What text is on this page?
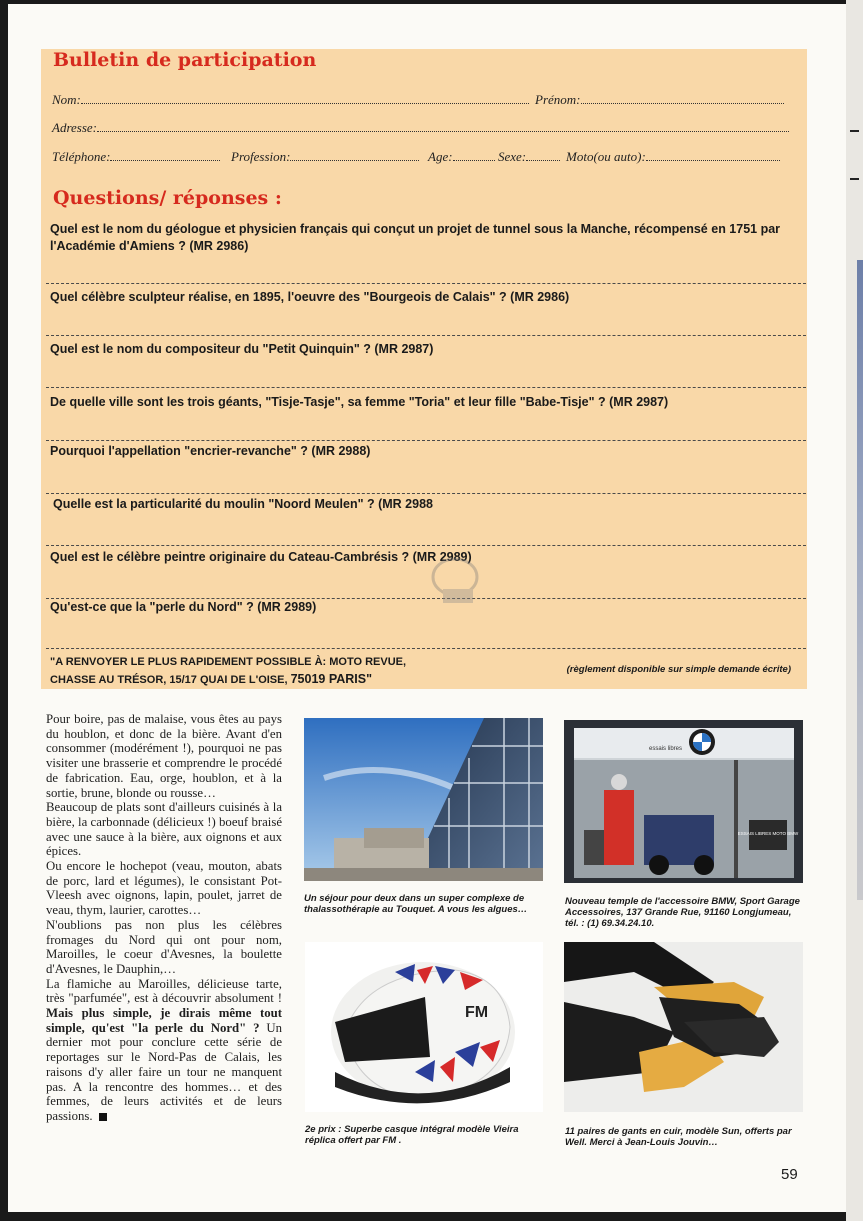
Bulletin de participation
Nom:	Prénom:
Adresse:
Téléphone:	Profession:	Age:	Sexe:	Moto(ou auto):
Questions/ réponses :
Quel est le nom du géologue et physicien français qui conçut un projet de tunnel sous la Manche, récompensé en 1751 par l'Académie d'Amiens ? (MR 2986)
Quel célèbre sculpteur réalise, en 1895, l'oeuvre des "Bourgeois de Calais" ? (MR 2986)
Quel est le nom du compositeur du "Petit Quinquin" ? (MR 2987)
De quelle ville sont les trois géants, "Tisje-Tasje", sa femme "Toria" et leur fille "Babe-Tisje" ? (MR 2987)
Pourquoi l'appellation "encrier-revanche" ? (MR 2988)
Quelle est la particularité du moulin "Noord Meulen" ? (MR 2988
Quel est le célèbre peintre originaire du Cateau-Cambrésis ? (MR 2989)
Qu'est-ce que la "perle du Nord" ? (MR 2989)
"A RENVOYER LE PLUS RAPIDEMENT POSSIBLE À: MOTO REVUE,
CHASSE AU TRÉSOR, 15/17 QUAI DE L'OISE, 75019 PARIS"
(règlement disponible sur simple demande écrite)

Pour boire, pas de malaise, vous êtes au pays du houblon, et donc de la bière. Avant d'en consommer (modérément !), pourquoi ne pas visiter une brasserie et comprendre le procédé de fabrication. Eau, orge, houblon, et à la sortie, brune, blonde ou rousse…

Beaucoup de plats sont d'ailleurs cuisinés à la bière, la carbonnade (délicieux !) boeuf braisé avec une sauce à la bière, aux oignons et aux épices.

Ou encore le hochepot (veau, mouton, abats de porc, lard et légumes), le consistant Pot-Vleesh avec oignons, lapin, poulet, jarret de veau, thym, laurier, carottes…

N'oublions pas non plus les célèbres fromages du Nord qui ont pour nom, Maroilles, le coeur d'Avesnes, la boulette d'Avesnes, le Dauphin,…

La flamiche au Maroilles, délicieuse tarte, très "parfumée", est à découvrir absolument ! Mais plus simple, je dirais même tout simple, qu'est "la perle du Nord" ? Un dernier mot pour conclure cette série de reportages sur le Nord-Pas de Calais, les raisons d'y aller faire un tour ne manquent pas. A la rencontre des hommes… et des femmes, de leurs activités et de leurs passions.

Un séjour pour deux dans un super complexe de thalassothérapie au Touquet. A vous les algues…
essais libres
ESSAIS LIBRES MOTO BMW
Nouveau temple de l'accessoire BMW, Sport Garage Accessoires, 137 Grande Rue, 91160 Longjumeau, tél. : (1) 69.34.24.10.
FM
2e prix : Superbe casque intégral modèle Vieira réplica offert par FM .
11 paires de gants en cuir, modèle Sun, offerts par Well. Merci à Jean-Louis Jouvin…
59
